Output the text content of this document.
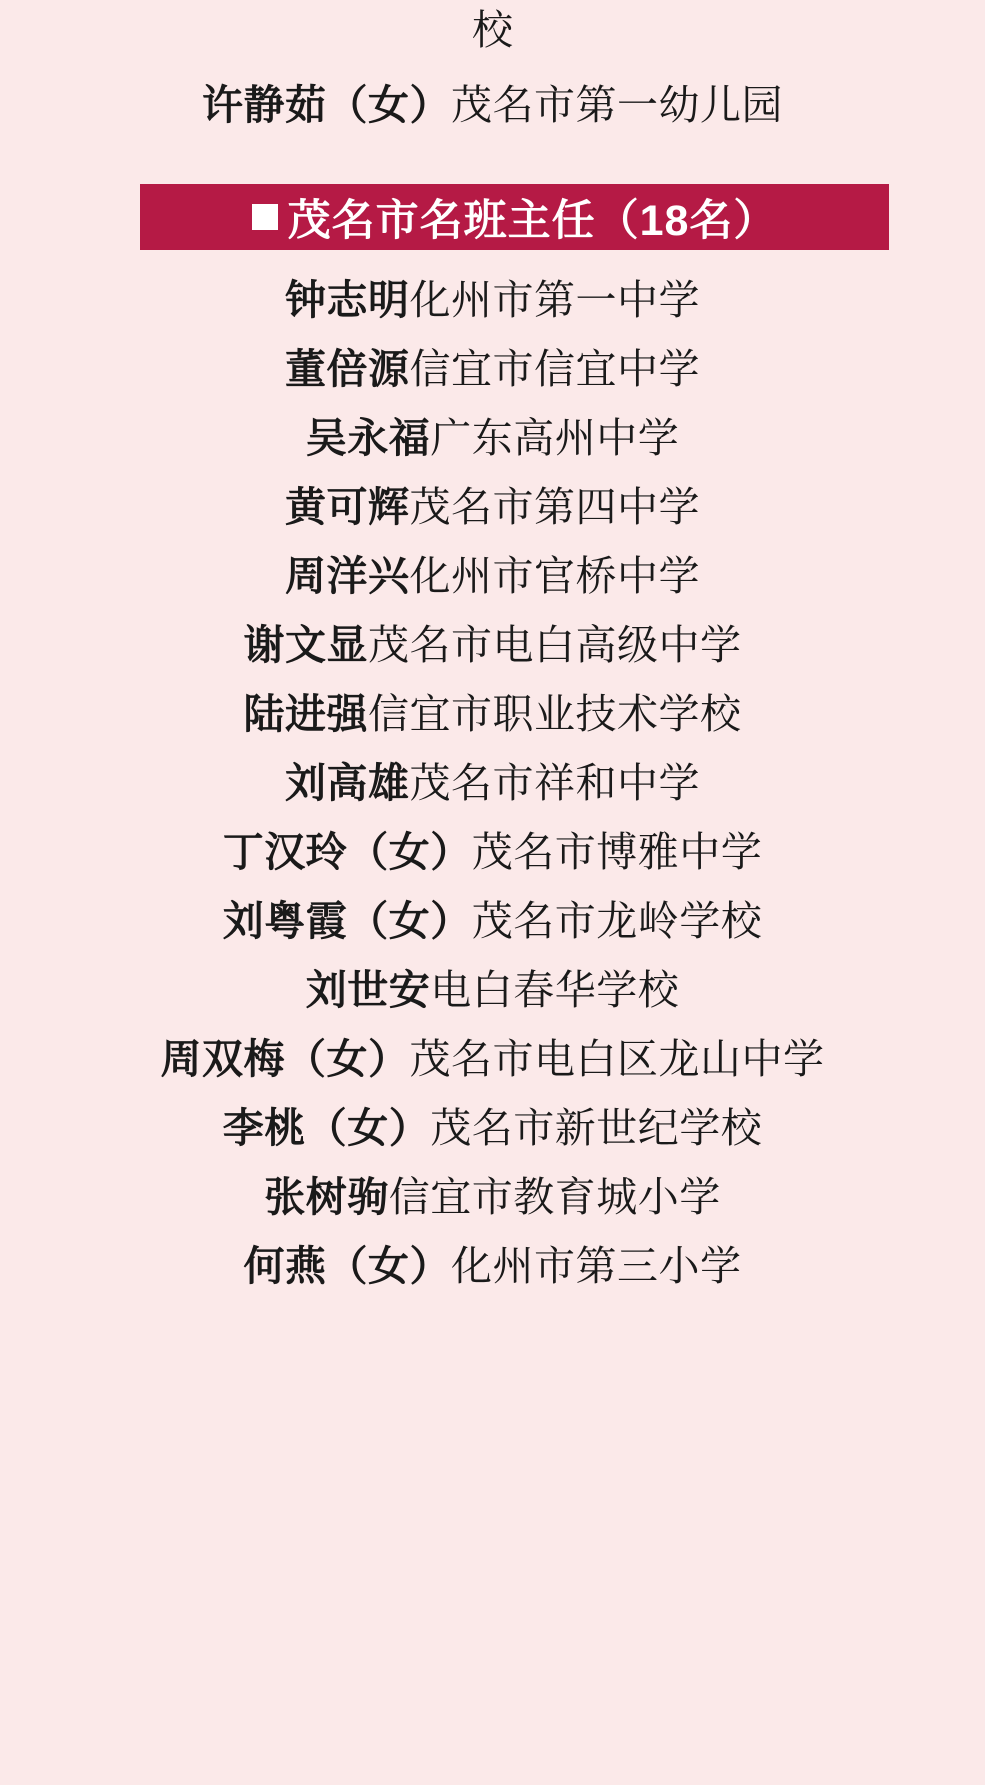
校
许静茹（女）茂名市第一幼儿园
茂名市名班主任（18名）
钟志明化州市第一中学
董倍源信宜市信宜中学
吴永福广东高州中学
黄可辉茂名市第四中学
周洋兴化州市官桥中学
谢文显茂名市电白高级中学
陆进强信宜市职业技术学校
刘高雄茂名市祥和中学
丁汉玲（女）茂名市博雅中学
刘粤霞（女）茂名市龙岭学校
刘世安电白春华学校
周双梅（女）茂名市电白区龙山中学
李桃（女）茂名市新世纪学校
张树驹信宜市教育城小学
何燕（女）化州市第三小学
